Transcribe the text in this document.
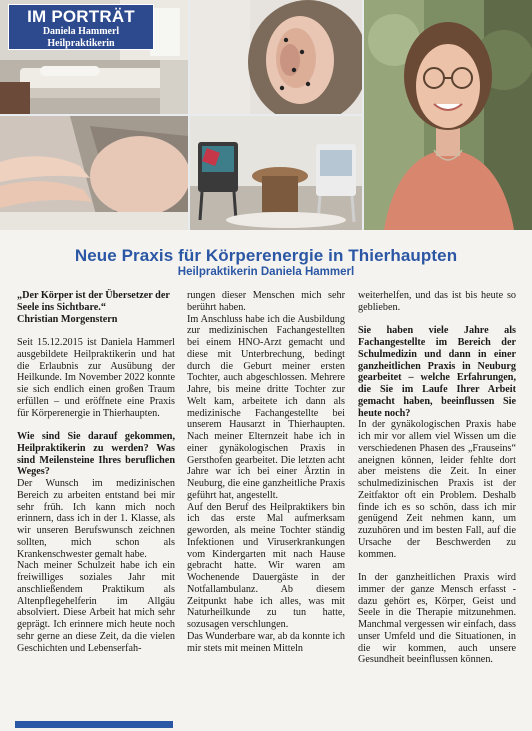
IM PORTRÄT
Daniela Hammerl
Heilpraktikerin
Neue Praxis für Körperenergie in Thierhaupten
Heilpraktikerin Daniela Hammerl

„Der Körper ist der Übersetzer der Seele ins Sichtbare.“

Christian Morgenstern

Seit 15.12.2015 ist Daniela Hammerl ausgebildete Heilpraktikerin und hat die Erlaubnis zur Ausübung der Heilkunde. Im November 2022 konnte sie sich endlich einen großen Traum erfüllen – und eröffnete eine Praxis für Körperenergie in Thierhaupten.

Wie sind Sie darauf gekommen, Heilpraktikerin zu werden? Was sind Meilensteine Ihres beruflichen Weges?

Der Wunsch im medizinischen Bereich zu arbeiten entstand bei mir sehr früh. Ich kann mich noch erinnern, dass ich in der 1. Klasse, als wir unseren Berufswunsch zeichnen sollten, mich schon als Krankenschwester gemalt habe.

Nach meiner Schulzeit habe ich ein freiwilliges soziales Jahr mit anschließendem Praktikum als Altenpflegehelferin im Allgäu absolviert. Diese Arbeit hat mich sehr geprägt. Ich erinnere mich heute noch sehr gerne an diese Zeit, da die vielen Geschichten und Lebenserfah-

rungen dieser Menschen mich sehr berührt haben.

Im Anschluss habe ich die Ausbildung zur medizinischen Fachangestellten bei einem HNO-Arzt gemacht und diese mit Unterbrechung, bedingt durch die Geburt meiner ersten Tochter, auch abgeschlossen. Mehrere Jahre, bis meine dritte Tochter zur Welt kam, arbeitete ich dann als medizinische Fachangestellte bei unserem Hausarzt in Thierhaupten. Nach meiner Elternzeit habe ich in einer gynäkologischen Praxis in Gersthofen gearbeitet. Die letzten acht Jahre war ich bei einer Ärztin in Neuburg, die eine ganzheitliche Praxis geführt hat, angestellt.

Auf den Beruf des Heilpraktikers bin ich das erste Mal aufmerksam geworden, als meine Tochter ständig Infektionen und Viruserkrankungen vom Kindergarten mit nach Hause gebracht hatte. Wir waren am Wochenende Dauergäste in der Notfallambulanz. Ab diesem Zeitpunkt habe ich alles, was mit Naturheilkunde zu tun hatte, sozusagen verschlungen.

Das Wunderbare war, ab da konnte ich mir stets mit meinen Mitteln

weiterhelfen, und das ist bis heute so geblieben.

Sie haben viele Jahre als Fachangestellte im Bereich der Schulmedizin und dann in einer ganzheitlichen Praxis in Neuburg gearbeitet – welche Erfahrungen, die Sie im Laufe Ihrer Arbeit gemacht haben, beeinflussen Sie heute noch?

In der gynäkologischen Praxis habe ich mir vor allem viel Wissen um die verschiedenen Phasen des „Frauseins“ aneignen können, leider fehlte dort aber meistens die Zeit. In einer schulmedizinischen Praxis ist der Zeitfaktor oft ein Problem. Deshalb finde ich es so schön, dass ich mir genügend Zeit nehmen kann, um zuzuhören und im besten Fall, auf die Ursache der Beschwerden zu kommen.

In der ganzheitlichen Praxis wird immer der ganze Mensch erfasst - dazu gehört es, Körper, Geist und Seele in die Therapie mitzunehmen. Manchmal vergessen wir einfach, dass unser Umfeld und die Situationen, in die wir kommen, auch unsere Gesundheit beeinflussen können.
